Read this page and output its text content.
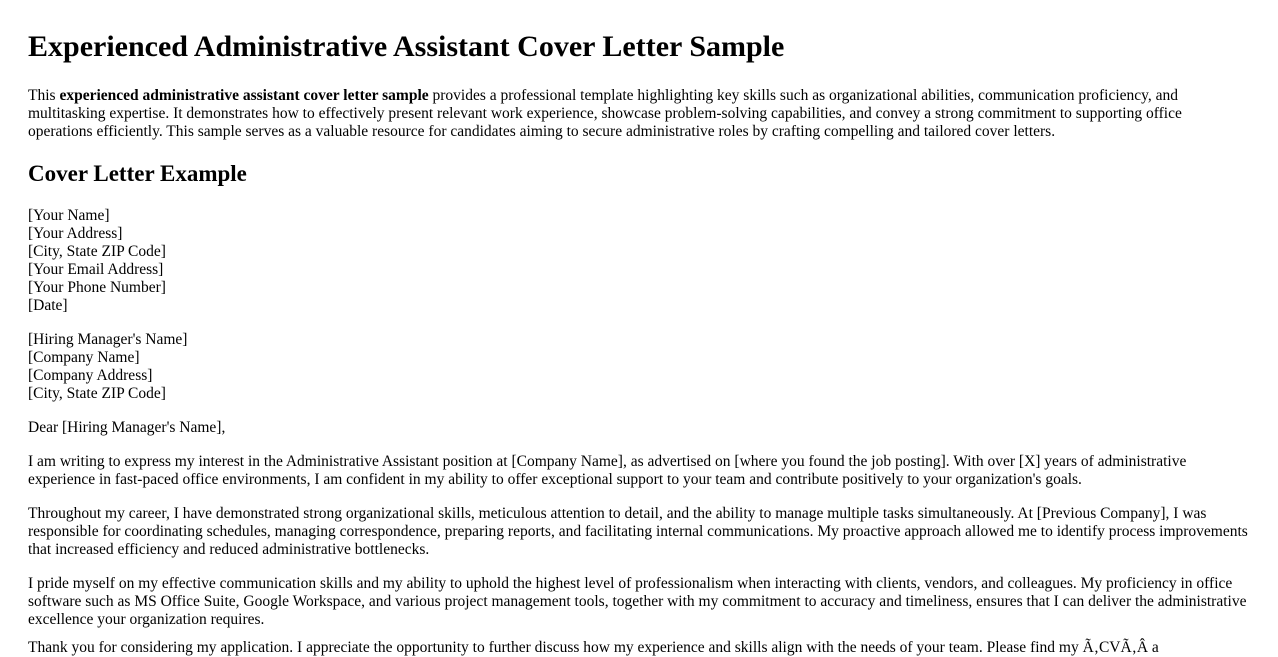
Experienced Administrative Assistant Cover Letter Sample

This experienced administrative assistant cover letter sample provides a professional template highlighting key skills such as organizational abilities, communication proficiency, and multitasking expertise. It demonstrates how to effectively present relevant work experience, showcase problem-solving capabilities, and convey a strong commitment to supporting office operations efficiently. This sample serves as a valuable resource for candidates aiming to secure administrative roles by crafting compelling and tailored cover letters.

Cover Letter Example
[Your Name]
[Your Address]
[City, State ZIP Code]
[Your Email Address]
[Your Phone Number]
[Date]
[Hiring Manager's Name]
[Company Name]
[Company Address]
[City, State ZIP Code]

Dear [Hiring Manager's Name],

I am writing to express my interest in the Administrative Assistant position at [Company Name], as advertised on [where you found the job posting]. With over [X] years of administrative experience in fast-paced office environments, I am confident in my ability to offer exceptional support to your team and contribute positively to your organization's goals.

Throughout my career, I have demonstrated strong organizational skills, meticulous attention to detail, and the ability to manage multiple tasks simultaneously. At [Previous Company], I was responsible for coordinating schedules, managing correspondence, preparing reports, and facilitating internal communications. My proactive approach allowed me to identify process improvements that increased efficiency and reduced administrative bottlenecks.

I pride myself on my effective communication skills and my ability to uphold the highest level of professionalism when interacting with clients, vendors, and colleagues. My proficiency in office software such as MS Office Suite, Google Workspace, and various project management tools, together with my commitment to accuracy and timeliness, ensures that I can deliver the administrative excellence your organization requires.

Thank you for considering my application. I appreciate the opportunity to further discuss how my experience and skills align with the needs of your team. Please find my Ã‚CVÃ‚Â a
